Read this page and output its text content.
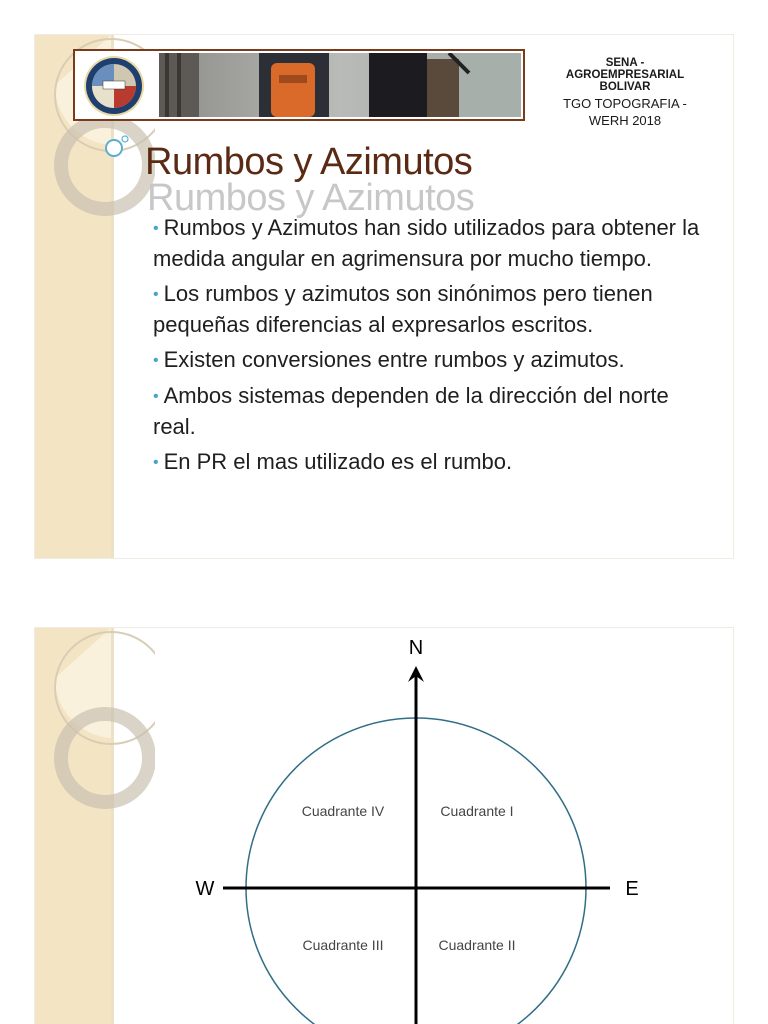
SENA -
AGROEMPRESARIAL
BOLIVAR
TGO TOPOGRAFIA -
WERH 2018
Rumbos y Azimutos
Rumbos y Azimutos
• Rumbos y Azimutos han sido utilizados para obtener la medida angular en agrimensura por mucho tiempo.
• Los rumbos y azimutos son sinónimos pero tienen pequeñas diferencias al expresarlos escritos.
• Existen conversiones entre rumbos y azimutos.
• Ambos sistemas dependen de la dirección del norte real.
• En PR el mas utilizado es el rumbo.
N
W	E
Cuadrante IV	Cuadrante I
Cuadrante III	Cuadrante II
